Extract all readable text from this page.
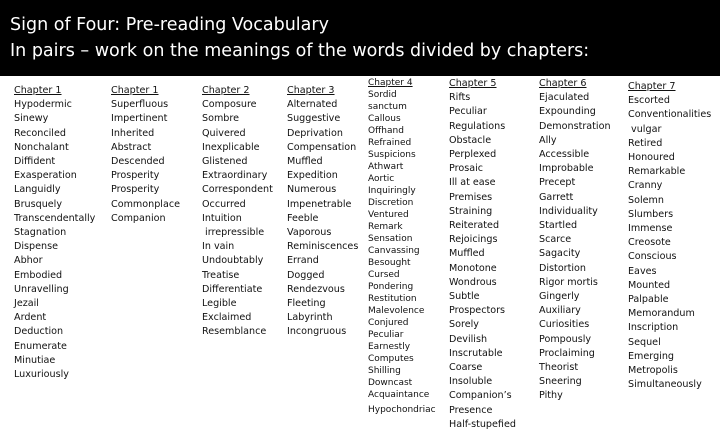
Sign of Four: Pre-reading Vocabulary
In pairs – work on the meanings of the words divided by chapters:
Chapter 1
Hypodermic
Sinewy
Reconciled
Nonchalant
Diffident
Exasperation
Languidly
Brusquely
Transcendentally
Stagnation
Dispense
Abhor
Embodied
Unravelling
Jezail
Ardent
Deduction
Enumerate
Minutiae
Luxuriously
Chapter 1
Superfluous
Impertinent
Inherited
Abstract
Descended
Prosperity
Prosperity
Commonplace
Companion
Chapter 2
Composure
Sombre
Quivered
Inexplicable
Glistened
Extraordinary
Correspondent
Occurred
Intuition
irrepressible
In vain
Undoubtably
Treatise
Differentiate
Legible
Exclaimed
Resemblance
Chapter 3
Alternated
Suggestive
Deprivation
Compensation
Muffled
Expedition
Numerous
Impenetrable
Feeble
Vaporous
Reminiscences
Errand
Dogged
Rendezvous
Fleeting
Labyrinth
Incongruous
Chapter 4
Sordid
sanctum
Callous
Offhand
Refrained
Suspicions
Athwart
Aortic
Inquiringly
Discretion
Ventured
Remark
Sensation
Canvassing
Besought
Cursed
Pondering
Restitution
Malevolence
Conjured
Peculiar
Earnestly
Computes
Shilling
Downcast
Acquaintance
Hypochondriac
Chapter 5
Rifts
Peculiar
Regulations
Obstacle
Perplexed
Prosaic
Ill at ease
Premises
Straining
Reiterated
Rejoicings
Muffled
Monotone
Wondrous
Subtle
Prospectors
Sorely
Devilish
Inscrutable
Coarse
Insoluble
Companion’s
Presence
Half-stupefied
Chapter 6
Ejaculated
Expounding
Demonstration
Ally
Accessible
Improbable
Precept
Garrett
Individuality
Startled
Scarce
Sagacity
Distortion
Rigor mortis
Gingerly
Auxiliary
Curiosities
Pompously
Proclaiming
Theorist
Sneering
Pithy
Chapter 7
Escorted
Conventionalities
vulgar
Retired
Honoured
Remarkable
Cranny
Solemn
Slumbers
Immense
Creosote
Conscious
Eaves
Mounted
Palpable
Memorandum
Inscription
Sequel
Emerging
Metropolis
Simultaneously
